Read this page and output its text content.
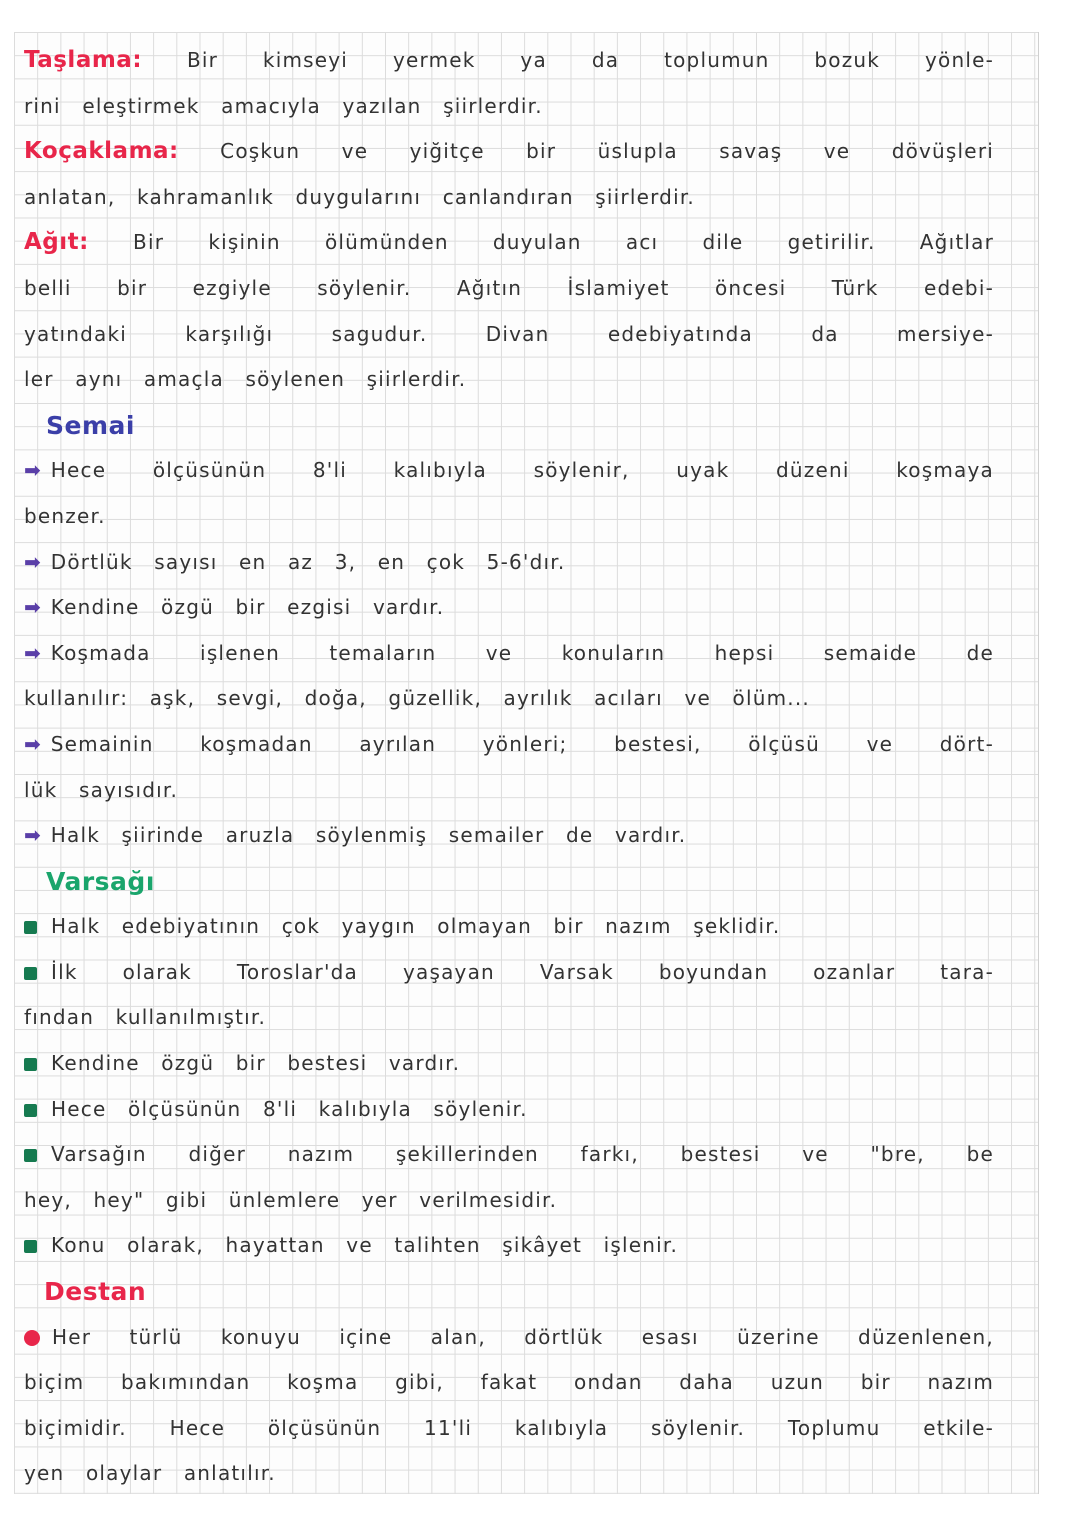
Taşlama: Bir kimseyi yermek ya da toplumun bozuk yönle-
rini eleştirmek amacıyla yazılan şiirlerdir.
Koçaklama: Coşkun ve yiğitçe bir üslupla savaş ve dövüşleri
anlatan, kahramanlık duygularını canlandıran şiirlerdir.
Ağıt: Bir kişinin ölümünden duyulan acı dile getirilir. Ağıtlar
belli bir ezgiyle söylenir. Ağıtın İslamiyet öncesi Türk edebi-
yatındaki karşılığı sagudur. Divan edebiyatında da mersiye-
ler aynı amaçla söylenen şiirlerdir.
Semai
➡ Hece ölçüsünün 8'li kalıbıyla söylenir, uyak düzeni koşmaya
benzer.
➡ Dörtlük sayısı en az 3, en çok 5-6'dır.
➡ Kendine özgü bir ezgisi vardır.
➡ Koşmada işlenen temaların ve konuların hepsi semaide de
kullanılır: aşk, sevgi, doğa, güzellik, ayrılık acıları ve ölüm...
➡ Semainin koşmadan ayrılan yönleri; bestesi, ölçüsü ve dört-
lük sayısıdır.
➡ Halk şiirinde aruzla söylenmiş semailer de vardır.
Varsağı
Halk edebiyatının çok yaygın olmayan bir nazım şeklidir.
İlk olarak Toroslar'da yaşayan Varsak boyundan ozanlar tara-
fından kullanılmıştır.
Kendine özgü bir bestesi vardır.
Hece ölçüsünün 8'li kalıbıyla söylenir.
Varsağın diğer nazım şekillerinden farkı, bestesi ve "bre, be
hey, hey" gibi ünlemlere yer verilmesidir.
Konu olarak, hayattan ve talihten şikâyet işlenir.
Destan
Her türlü konuyu içine alan, dörtlük esası üzerine düzenlenen,
biçim bakımından koşma gibi, fakat ondan daha uzun bir nazım
biçimidir. Hece ölçüsünün 11'li kalıbıyla söylenir. Toplumu etkile-
yen olaylar anlatılır.
